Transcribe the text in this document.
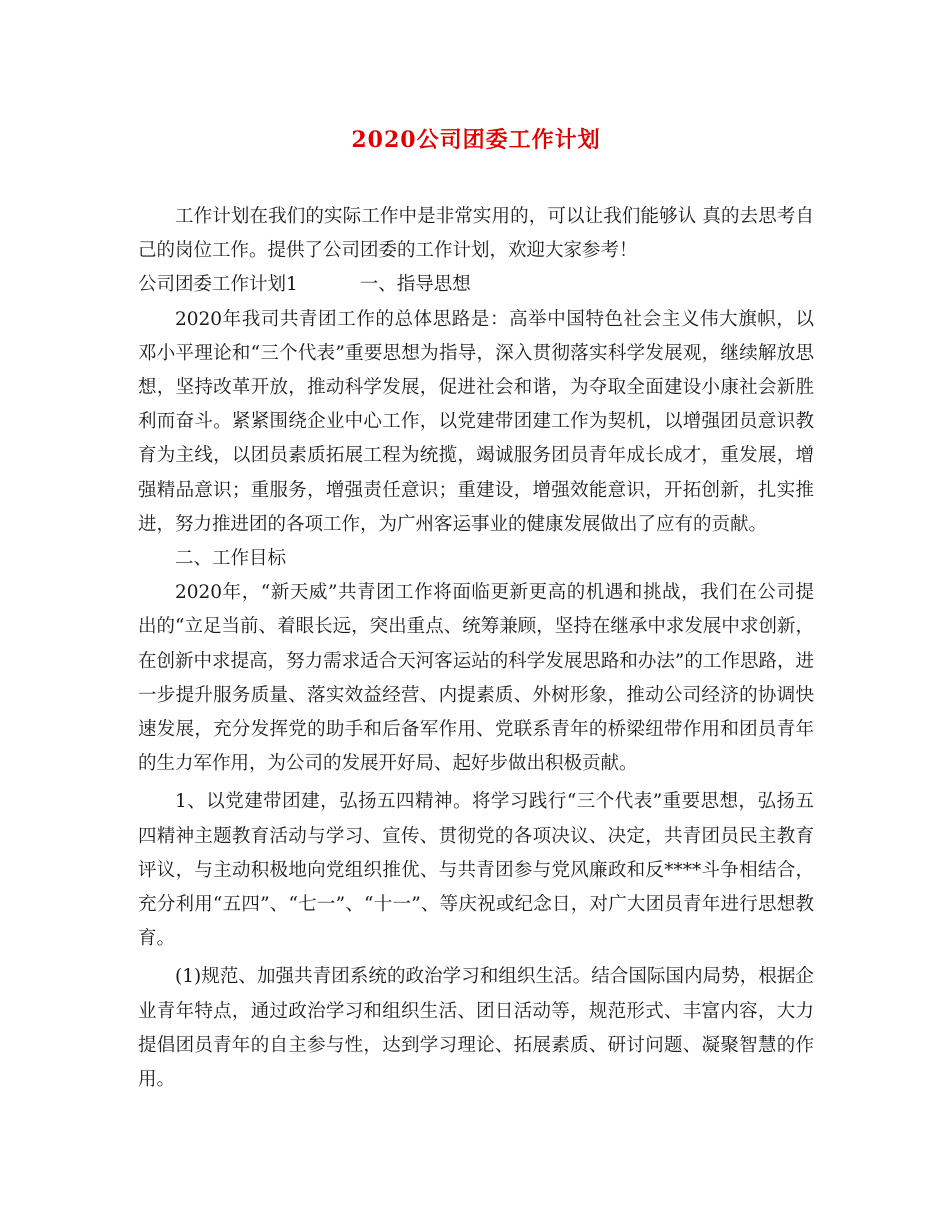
2020公司团委工作计划

工作计划在我们的实际工作中是非常实用的，可以让我们能够认 真的去思考自己的岗位工作。提供了公司团委的工作计划，欢迎大家参考！

公司团委工作计划1	一、指导思想

2020年我司共青团工作的总体思路是：高举中国特色社会主义伟大旗帜，以邓小平理论和“三个代表”重要思想为指导，深入贯彻落实科学发展观，继续解放思想，坚持改革开放，推动科学发展，促进社会和谐，为夺取全面建设小康社会新胜利而奋斗。紧紧围绕企业中心工作，以党建带团建工作为契机，以增强团员意识教育为主线，以团员素质拓展工程为统揽，竭诚服务团员青年成长成才，重发展，增强精品意识；重服务，增强责任意识；重建设，增强效能意识，开拓创新，扎实推进，努力推进团的各项工作，为广州客运事业的健康发展做出了应有的贡献。

二、工作目标

2020年，“新天威”共青团工作将面临更新更高的机遇和挑战，我们在公司提出的“立足当前、着眼长远，突出重点、统筹兼顾，坚持在继承中求发展中求创新，在创新中求提高，努力需求适合天河客运站的科学发展思路和办法”的工作思路，进一步提升服务质量、落实效益经营、内提素质、外树形象，推动公司经济的协调快速发展，充分发挥党的助手和后备军作用、党联系青年的桥梁纽带作用和团员青年的生力军作用，为公司的发展开好局、起好步做出积极贡献。

1、以党建带团建，弘扬五四精神。将学习践行“三个代表”重要思想，弘扬五四精神主题教育活动与学习、宣传、贯彻党的各项决议、决定，共青团员民主教育评议，与主动积极地向党组织推优、与共青团参与党风廉政和反****斗争相结合，充分利用“五四”、“七一”、“十一”、等庆祝或纪念日，对广大团员青年进行思想教育。

(1)规范、加强共青团系统的政治学习和组织生活。结合国际国内局势，根据企业青年特点，通过政治学习和组织生活、团日活动等，规范形式、丰富内容，大力提倡团员青年的自主参与性，达到学习理论、拓展素质、研讨问题、凝聚智慧的作用。
